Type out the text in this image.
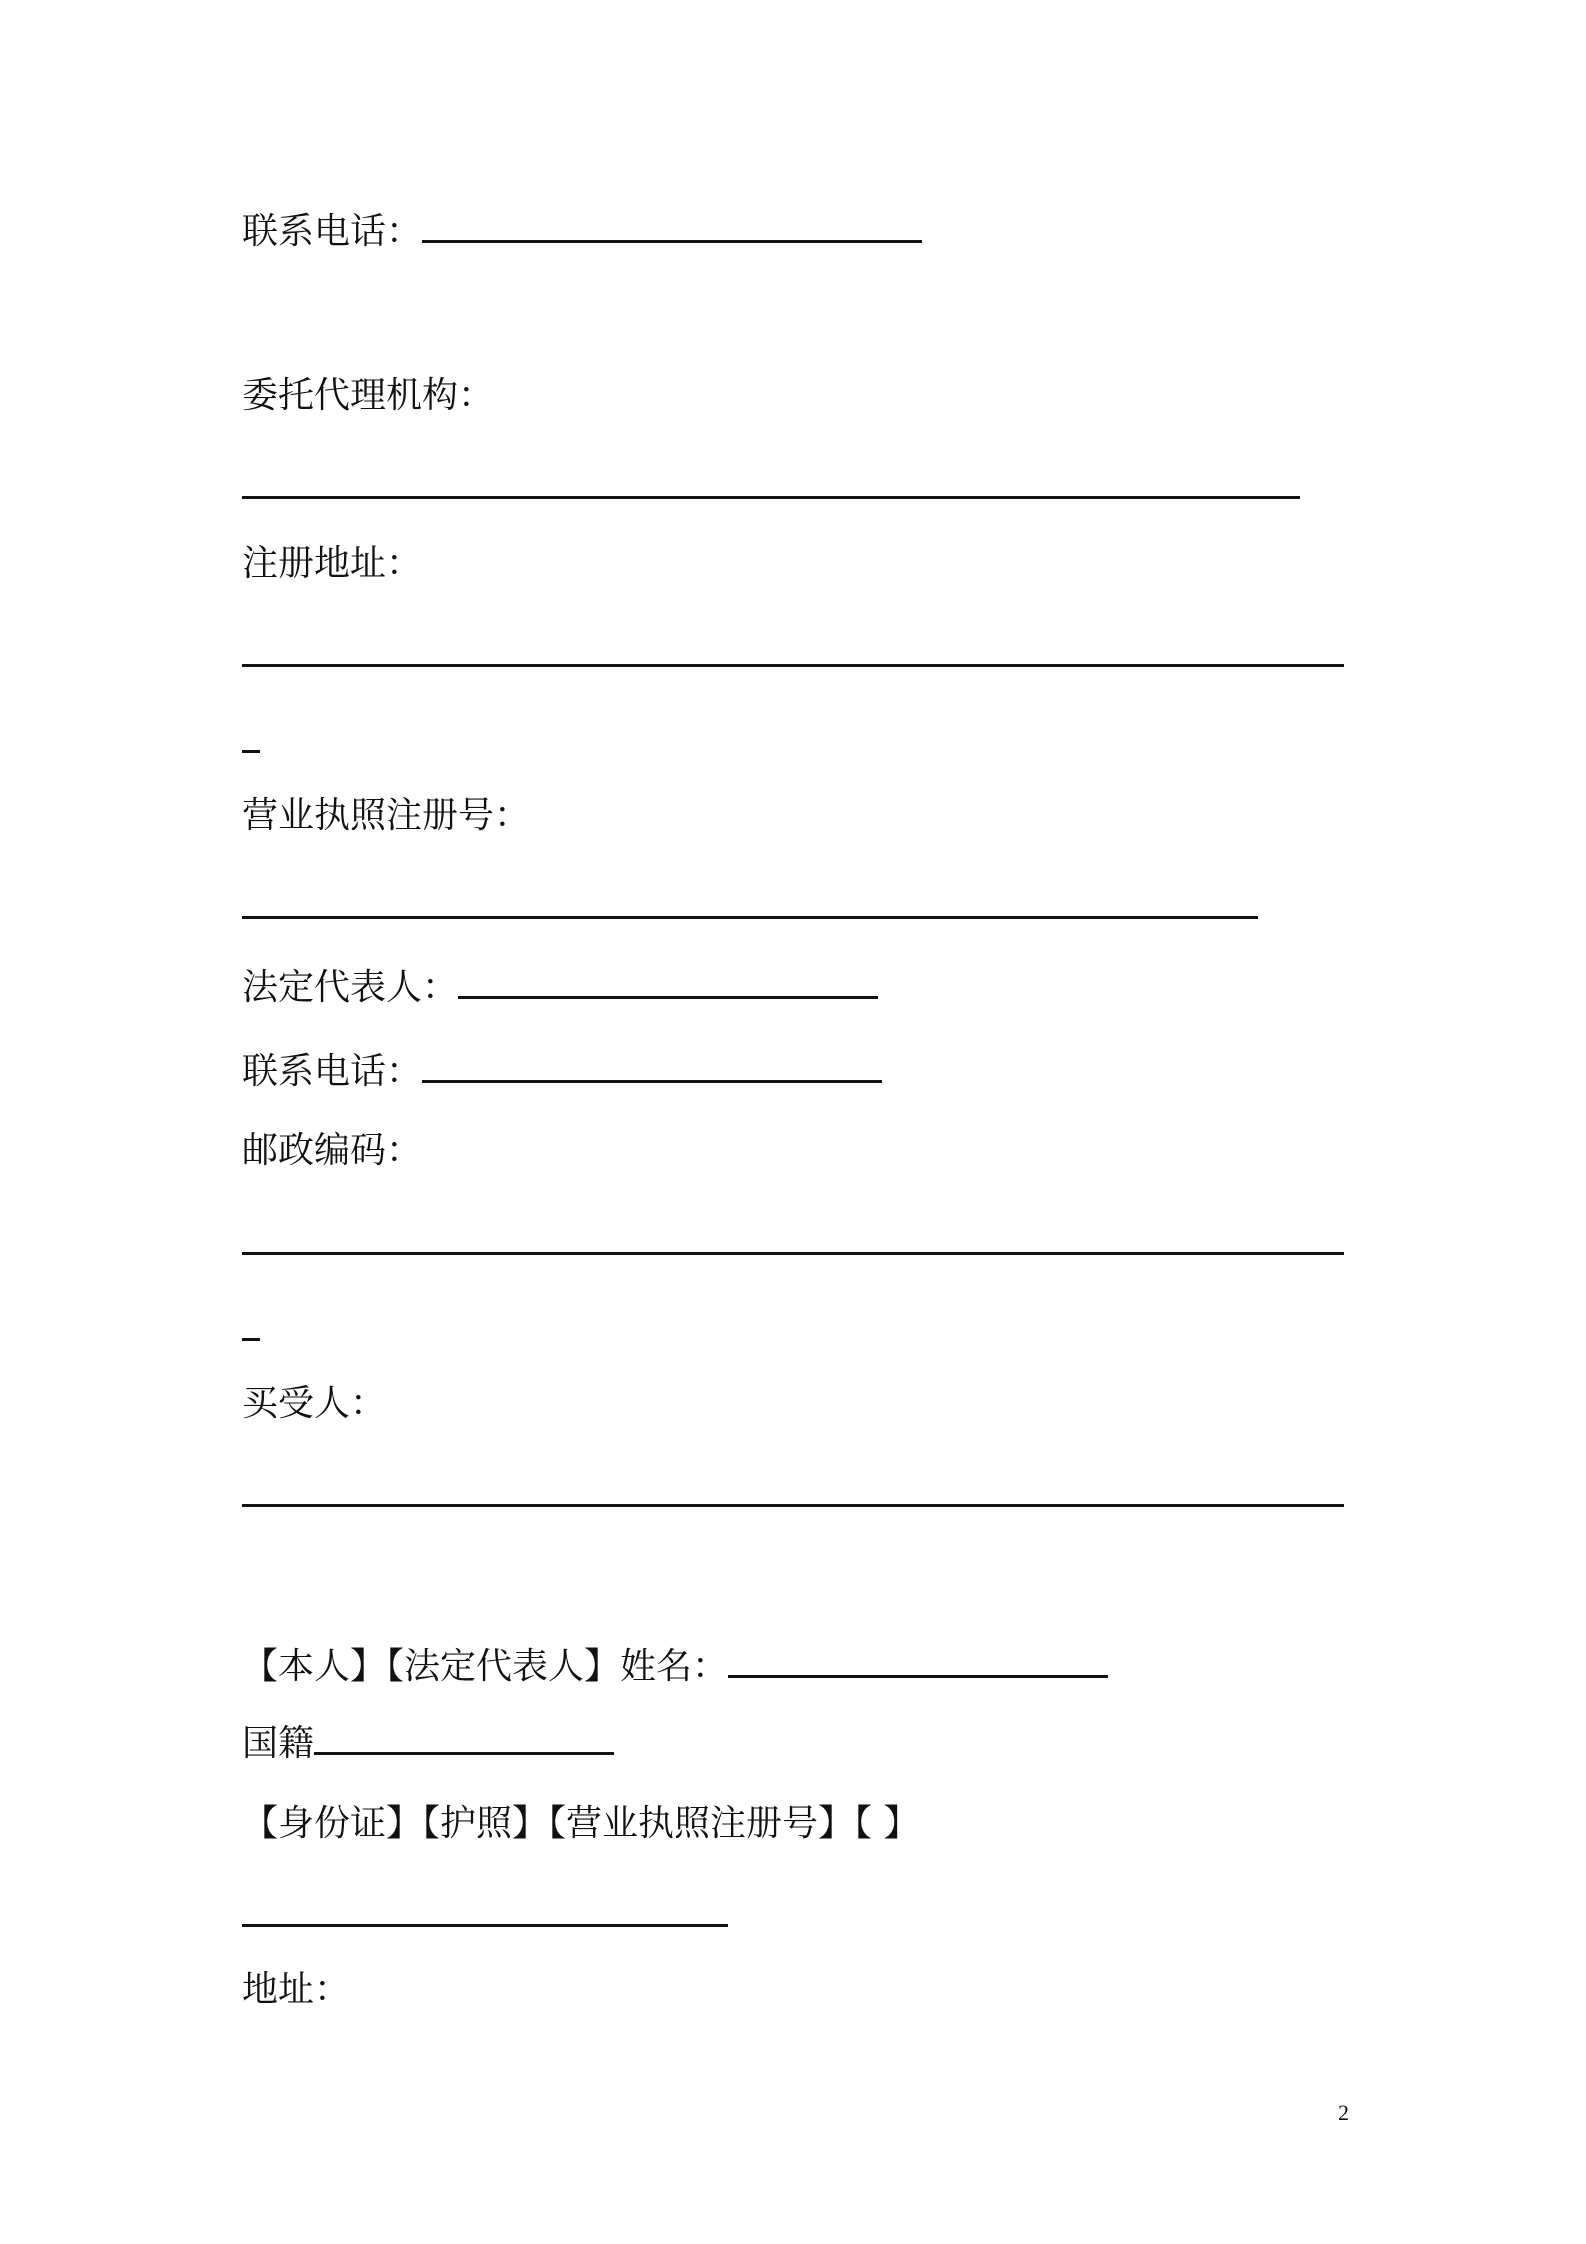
联系电话：
委托代理机构：
注册地址：
营业执照注册号：
法定代表人：
联系电话：
邮政编码：
买受人：
【本人】【法定代表人】姓名：
国籍
【身份证】【护照】【营业执照注册号】【 】
地址：
2
